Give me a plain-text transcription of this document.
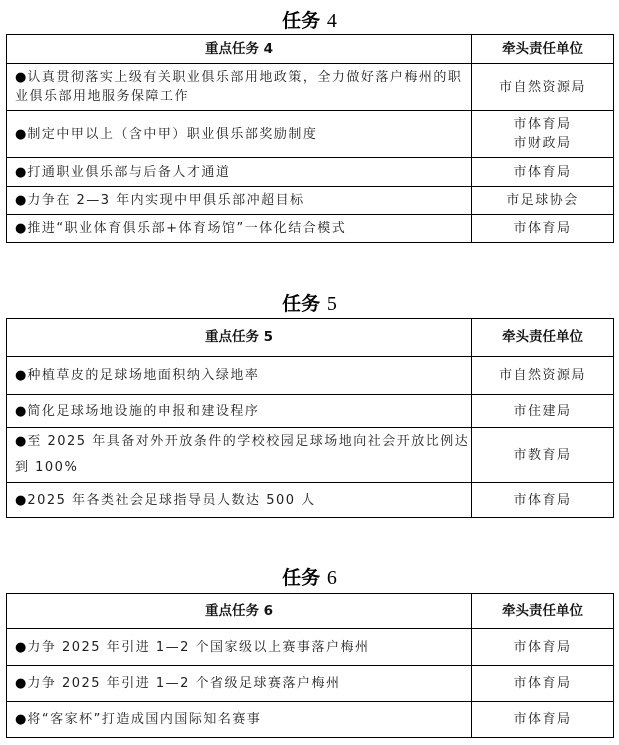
任务 4
重点任务 4	牵头责任单位
●认真贯彻落实上级有关职业俱乐部用地政策，全力做好落户梅州的职业俱乐部用地服务保障工作	市自然资源局

●制定中甲以上（含中甲）职业俱乐部奖励制度	市体育局
市财政局

●打通职业俱乐部与后备人才通道	市体育局

●力争在 2—3 年内实现中甲俱乐部冲超目标	市足球协会

●推进“职业体育俱乐部+体育场馆”一体化结合模式	市体育局
任务 5
重点任务 5	牵头责任单位
●种植草皮的足球场地面积纳入绿地率	市自然资源局

●简化足球场地设施的申报和建设程序	市住建局

●至 2025 年具备对外开放条件的学校校园足球场地向社会开放比例达到 100%	市教育局

●2025 年各类社会足球指导员人数达 500 人	市体育局
任务 6
重点任务 6	牵头责任单位
●力争 2025 年引进 1—2 个国家级以上赛事落户梅州	市体育局

●力争 2025 年引进 1—2 个省级足球赛落户梅州	市体育局

●将“客家杯”打造成国内国际知名赛事	市体育局
